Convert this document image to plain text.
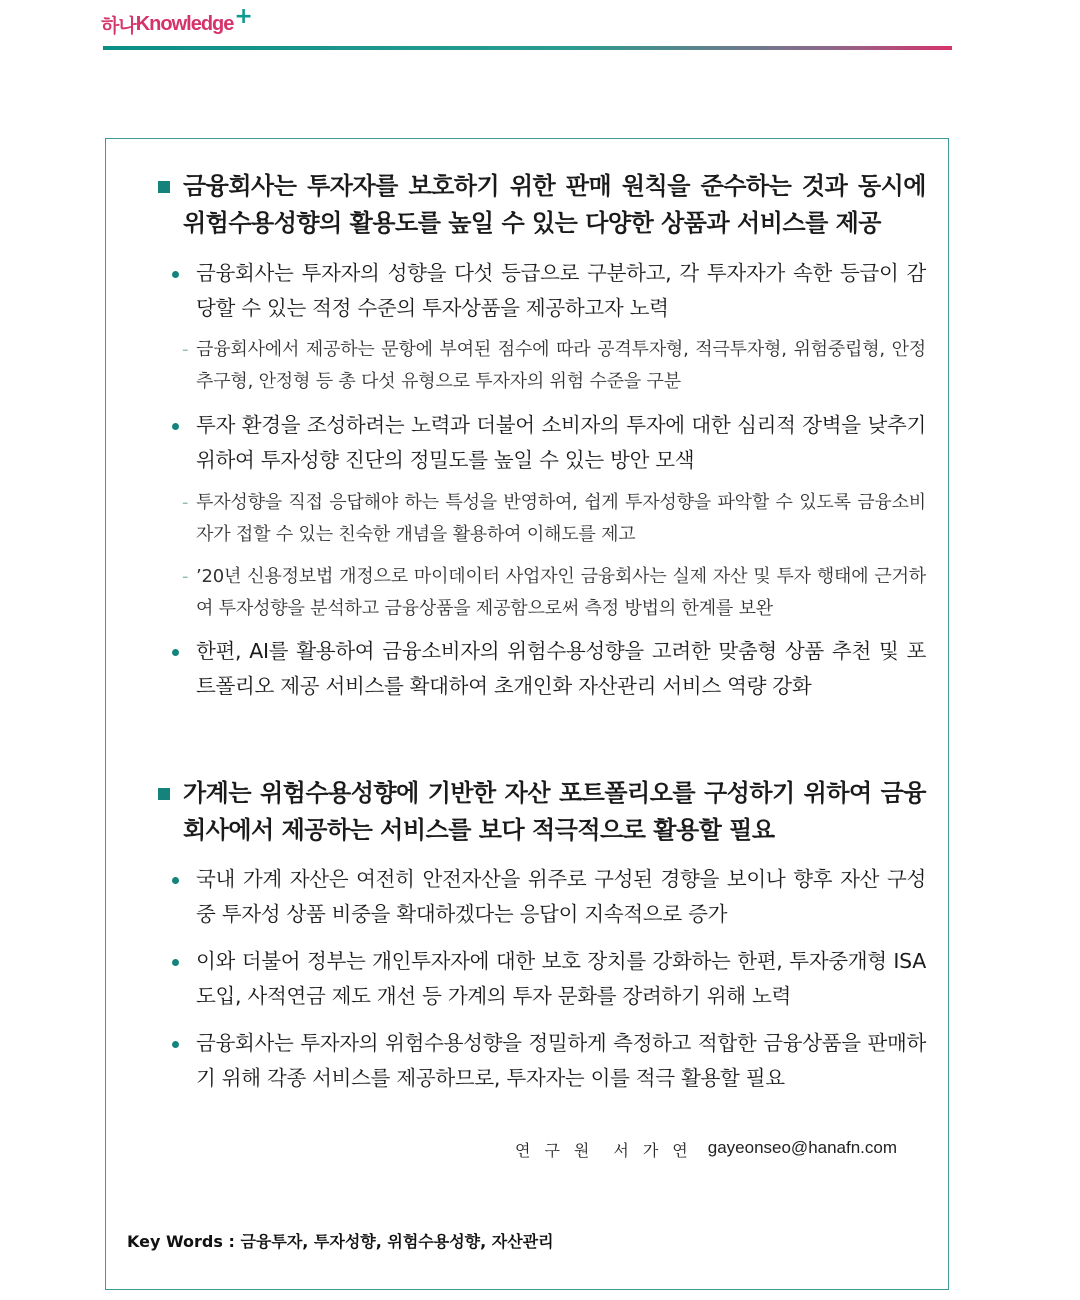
하나 Knowledge +

금융회사는 투자자를 보호하기 위한 판매 원칙을 준수하는 것과 동시에 위험수용성향의 활용도를 높일 수 있는 다양한 상품과 서비스를 제공

금융회사는 투자자의 성향을 다섯 등급으로 구분하고, 각 투자자가 속한 등급이 감당할 수 있는 적정 수준의 투자상품을 제공하고자 노력
- 금융회사에서 제공하는 문항에 부여된 점수에 따라 공격투자형, 적극투자형, 위험중립형, 안정추구형, 안정형 등 총 다섯 유형으로 투자자의 위험 수준을 구분
투자 환경을 조성하려는 노력과 더불어 소비자의 투자에 대한 심리적 장벽을 낮추기 위하여 투자성향 진단의 정밀도를 높일 수 있는 방안 모색
- 투자성향을 직접 응답해야 하는 특성을 반영하여, 쉽게 투자성향을 파악할 수 있도록 금융소비자가 접할 수 있는 친숙한 개념을 활용하여 이해도를 제고
- ’20년 신용정보법 개정으로 마이데이터 사업자인 금융회사는 실제 자산 및 투자 행태에 근거하여 투자성향을 분석하고 금융상품을 제공함으로써 측정 방법의 한계를 보완
한편, AI를 활용하여 금융소비자의 위험수용성향을 고려한 맞춤형 상품 추천 및 포트폴리오 제공 서비스를 확대하여 초개인화 자산관리 서비스 역량 강화

가계는 위험수용성향에 기반한 자산 포트폴리오를 구성하기 위하여 금융회사에서 제공하는 서비스를 보다 적극적으로 활용할 필요

국내 가계 자산은 여전히 안전자산을 위주로 구성된 경향을 보이나 향후 자산 구성 중 투자성 상품 비중을 확대하겠다는 응답이 지속적으로 증가
이와 더불어 정부는 개인투자자에 대한 보호 장치를 강화하는 한편, 투자중개형 ISA 도입, 사적연금 제도 개선 등 가계의 투자 문화를 장려하기 위해 노력
금융회사는 투자자의 위험수용성향을 정밀하게 측정하고 적합한 금융상품을 판매하기 위해 각종 서비스를 제공하므로, 투자자는 이를 적극 활용할 필요
연구원 서가연 gayeonseo@hanafn.com
Key Words : 금융투자, 투자성향, 위험수용성향, 자산관리
